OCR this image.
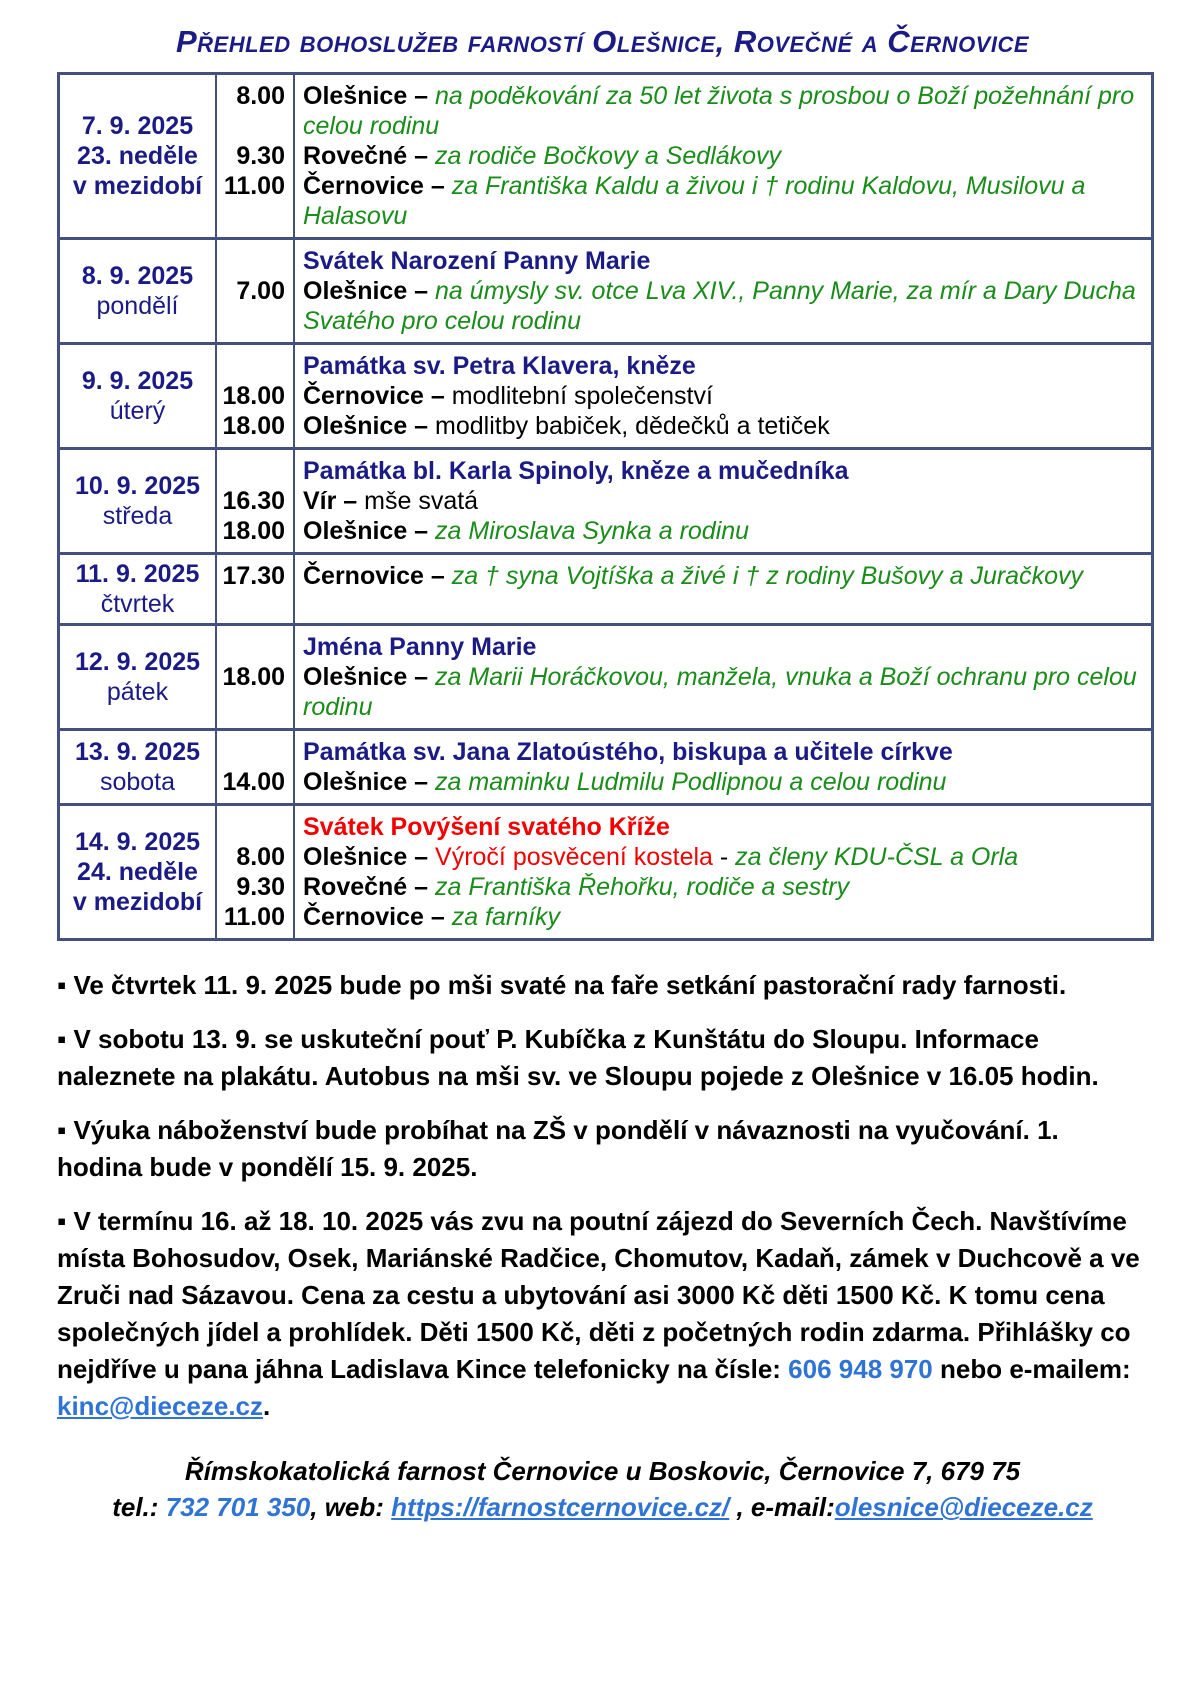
Přehled bohoslužeb farností Olešnice, Rovečné a Černovice
7. 9. 2025
23. neděle
v mezidobí
8.00 Olešnice – na poděkování za 50 let života s prosbou o Boží požehnání pro celou rodinu
9.30 Rovečné – za rodiče Bočkovy a Sedlákovy
11.00 Černovice – za Františka Kaldu a živou i † rodinu Kaldovu, Musilovu a Halasovu
8. 9. 2025
pondělí
Svátek Narození Panny Marie
7.00 Olešnice – na úmysly sv. otce Lva XIV., Panny Marie, za mír a Dary Ducha Svatého pro celou rodinu
9. 9. 2025
úterý
Památka sv. Petra Klavera, kněze
18.00 Černovice – modlitební společenství
18.00 Olešnice – modlitby babiček, dědečků a tetiček
10. 9. 2025
středa
Památka bl. Karla Spinoly, kněze a mučedníka
16.30 Vír – mše svatá
18.00 Olešnice – za Miroslava Synka a rodinu
11. 9. 2025
čtvrtek
17.30 Černovice – za † syna Vojtíška a živé i † z rodiny Bušovy a Juračkovy
12. 9. 2025
pátek
Jména Panny Marie
18.00 Olešnice – za Marii Horáčkovou, manžela, vnuka a Boží ochranu pro celou rodinu
13. 9. 2025
sobota
Památka sv. Jana Zlatoústého, biskupa a učitele církve
14.00 Olešnice – za maminku Ludmilu Podlipnou a celou rodinu
14. 9. 2025
24. neděle
v mezidobí
Svátek Povýšení svatého Kříže
8.00 Olešnice – Výročí posvěcení kostela - za členy KDU-ČSL a Orla
9.30 Rovečné – za Františka Řehořku, rodiče a sestry
11.00 Černovice – za farníky

▪ Ve čtvrtek 11. 9. 2025 bude po mši svaté na faře setkání pastorační rady farnosti.

▪ V sobotu 13. 9. se uskuteční pouť P. Kubíčka z Kunštátu do Sloupu. Informace naleznete na plakátu. Autobus na mši sv. ve Sloupu pojede z Olešnice v 16.05 hodin.

▪ Výuka náboženství bude probíhat na ZŠ v pondělí v návaznosti na vyučování. 1. hodina bude v pondělí 15. 9. 2025.

▪ V termínu 16. až 18. 10. 2025 vás zvu na poutní zájezd do Severních Čech. Navštívíme místa Bohosudov, Osek, Mariánské Radčice, Chomutov, Kadaň, zámek v Duchcově a ve Zruči nad Sázavou. Cena za cestu a ubytování asi 3000 Kč děti 1500 Kč. K tomu cena společných jídel a prohlídek. Děti 1500 Kč, děti z početných rodin zdarma. Přihlášky co nejdříve u pana jáhna Ladislava Kince telefonicky na čísle: 606 948 970 nebo e-mailem: kinc@dieceze.cz.

Římskokatolická farnost Černovice u Boskovic, Černovice 7, 679 75
tel.: 732 701 350, web: https://farnostcernovice.cz/ , e-mail:olesnice@dieceze.cz
